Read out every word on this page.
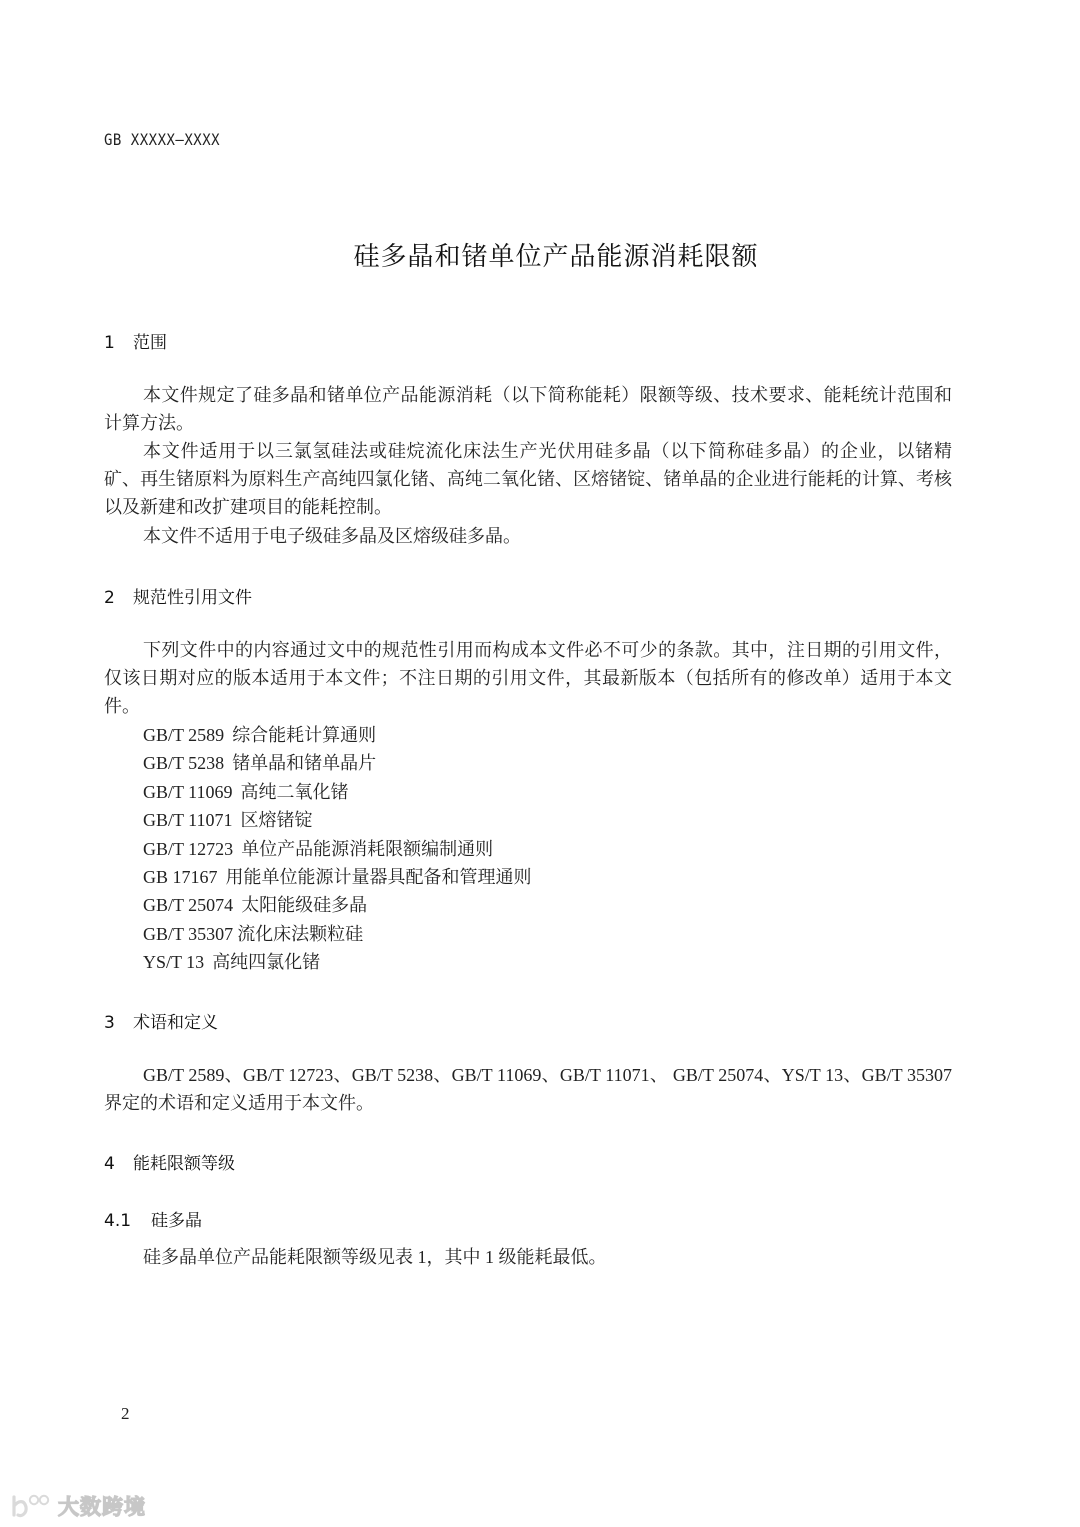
GB XXXXX—XXXX
硅多晶和锗单位产品能源消耗限额
1 范围
本文件规定了硅多晶和锗单位产品能源消耗（以下简称能耗）限额等级、技术要求、能耗统计范围和计算方法。
本文件适用于以三氯氢硅法或硅烷流化床法生产光伏用硅多晶（以下简称硅多晶）的企业，以锗精矿、再生锗原料为原料生产高纯四氯化锗、高纯二氧化锗、区熔锗锭、锗单晶的企业进行能耗的计算、考核以及新建和改扩建项目的能耗控制。
本文件不适用于电子级硅多晶及区熔级硅多晶。
2 规范性引用文件
下列文件中的内容通过文中的规范性引用而构成本文件必不可少的条款。其中，注日期的引用文件，仅该日期对应的版本适用于本文件；不注日期的引用文件，其最新版本（包括所有的修改单）适用于本文件。
GB/T 2589 综合能耗计算通则
GB/T 5238 锗单晶和锗单晶片
GB/T 11069 高纯二氧化锗
GB/T 11071 区熔锗锭
GB/T 12723 单位产品能源消耗限额编制通则
GB 17167 用能单位能源计量器具配备和管理通则
GB/T 25074 太阳能级硅多晶
GB/T 35307 流化床法颗粒硅
YS/T 13 高纯四氯化锗
3 术语和定义
GB/T 2589、GB/T 12723、GB/T 5238、GB/T 11069、GB/T 11071、 GB/T 25074、YS/T 13、GB/T 35307界定的术语和定义适用于本文件。
4 能耗限额等级
4.1 硅多晶
硅多晶单位产品能耗限额等级见表 1，其中 1 级能耗最低。
2
大数跨境
